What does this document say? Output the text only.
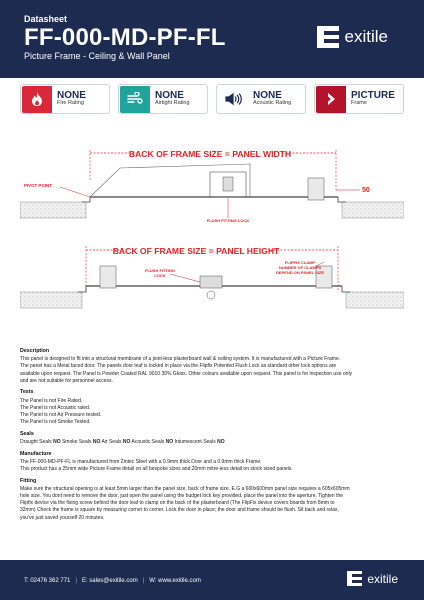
Datasheet
FF-000-MD-PF-FL
Picture Frame - Ceiling & Wall Panel
exitile
NONE
Fire Rating
NONE
Airtight Rating
NONE
Acoustic Rating
PICTURE
Frame
BACK OF FRAME SIZE = PANEL WIDTH
50
PIVOT POINT
FLUSH FITTING LOCK
BACK OF FRAME SIZE = PANEL HEIGHT
FLUSH FITTING
LOCK
FLIPFIX CLAMP
NUMBER OF CLAMPS
DEPEND ON PANEL SIZE
Description
This panel is designed to fit into a structural membrane of a joint-less plasterboard wall & ceiling system. It is manufactured with a Picture Frame.
The panel has a Metal faced door. The panels door leaf is locked in place via the Flipfix Potented Flush Lock as standard other lock options are
available upon request. The Panel is Powder Coated RAL 9010 30% Gloss. Other colours available upon request. This panel is for inspection use only
and are not suitable for personnel access.
Tests
The Panel is not Fire Rated.
The Panel is not Acoustic rated.
The Panel is not Air Pressure tested.
The Panel is not Smoke Tested.
Seals
Draught Seals NO Smoke Seals NO Air Seals NO Acoustic Seals NO Intumescent Seals NO
Manufacture
The FF-000-MD-PF-FL is manufactured from Zintec Steel with a 0.9mm thick Door and a 0.9mm thick Frame.
This product has a 25mm wide Picture Frame detail on all bespoke sizes and 20mm mitre-less detail on stock sized panels.
Fitting
Make sure the structural opening is at least 5mm larger than the panel size, back of frame size. E.G a 600x600mm panel size requires a 605x605mm
hole size. You dont need to remove the door, just open the panel using the budget lock key provided, place the panel into the aperture. Tighten the
Flipfix device via the fixing screw behind the door leaf to clamp on the back of the plasterboard (The FlipFix device covers boards from 8mm to
32mm) Check the frame is square by measuring corner to corner. Lock the door in place; the door and frame should be flush. Sit back and relax,
you've just saved yourself 20 minutes.
T: 02476 362 771 | E: sales@exitile.com | W: www.exitile.com	exitile
